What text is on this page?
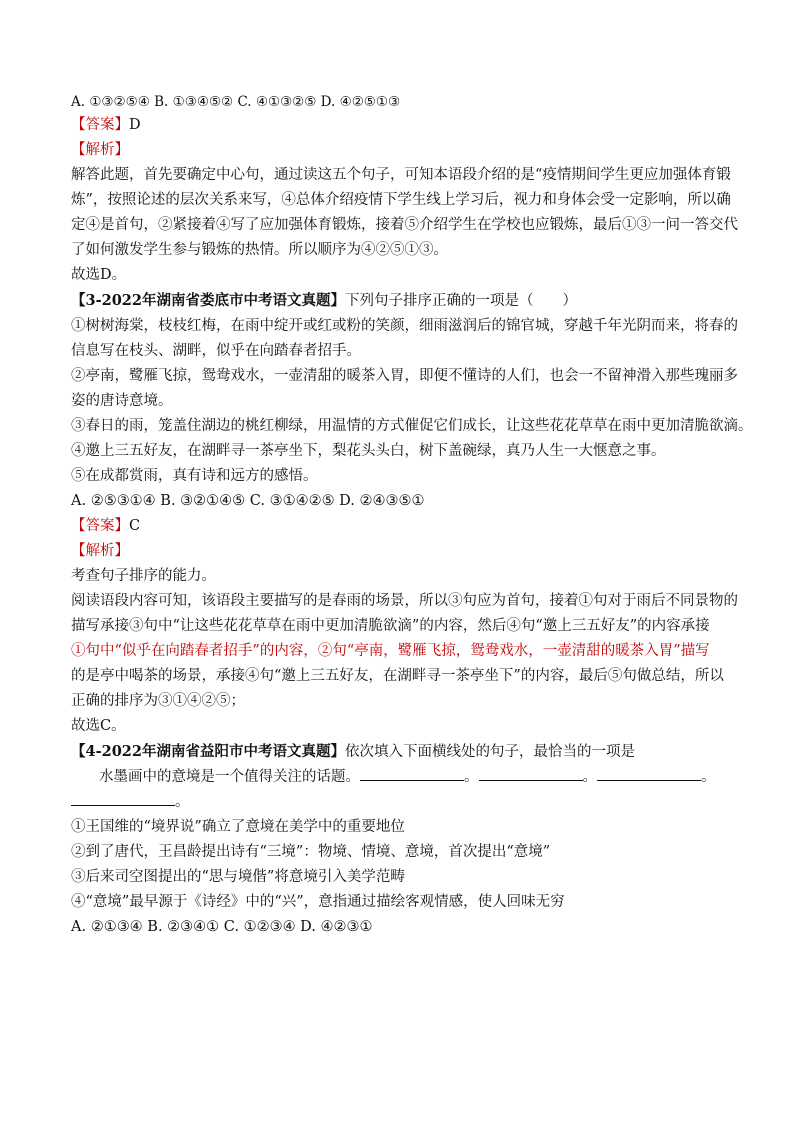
A. ①③②⑤④ B. ①③④⑤② C. ④①③②⑤ D. ④②⑤①③
【答案】D
【解析】
解答此题，首先要确定中心句，通过读这五个句子，可知本语段介绍的是“疫情期间学生更应加强体育锻
炼”，按照论述的层次关系来写，④总体介绍疫情下学生线上学习后，视力和身体会受一定影响，所以确
定④是首句，②紧接着④写了应加强体育锻炼，接着⑤介绍学生在学校也应锻炼，最后①③一问一答交代
了如何激发学生参与锻炼的热情。所以顺序为④②⑤①③。
故选D。
【3-2022年湖南省娄底市中考语文真题】下列句子排序正确的一项是（　　）
①树树海棠，枝枝红梅，在雨中绽开或红或粉的笑颜，细雨滋润后的锦官城，穿越千年光阴而来，将春的
信息写在枝头、湖畔，似乎在向踏春者招手。
②亭南，鹭雁飞掠，鸳鸯戏水，一壶清甜的暖茶入胃，即便不懂诗的人们，也会一不留神滑入那些瑰丽多
姿的唐诗意境。
③春日的雨，笼盖住湖边的桃红柳绿，用温情的方式催促它们成长，让这些花花草草在雨中更加清脆欲滴。
④邀上三五好友，在湖畔寻一茶亭坐下，梨花头头白，树下盖碗绿，真乃人生一大惬意之事。
⑤在成都赏雨，真有诗和远方的感悟。
A. ②⑤③①④ B. ③②①④⑤ C. ③①④②⑤ D. ②④③⑤①
【答案】C
【解析】
考查句子排序的能力。
阅读语段内容可知，该语段主要描写的是春雨的场景，所以③句应为首句，接着①句对于雨后不同景物的
描写承接③句中“让这些花花草草在雨中更加清脆欲滴”的内容，然后④句“邀上三五好友”的内容承接
①句中“似乎在向踏春者招手”的内容，②句“亭南，鹭雁飞掠，鸳鸯戏水，一壶清甜的暖茶入胃”描写
的是亭中喝茶的场景，承接④句“邀上三五好友，在湖畔寻一茶亭坐下”的内容，最后⑤句做总结，所以
正确的排序为③①④②⑤；
故选C。
【4-2022年湖南省益阳市中考语文真题】依次填入下面横线处的句子，最恰当的一项是
水墨画中的意境是一个值得关注的话题。	。	。	。
。
①王国维的“境界说”确立了意境在美学中的重要地位
②到了唐代，王昌龄提出诗有“三境”：物境、情境、意境，首次提出“意境”
③后来司空图提出的“思与境偕”将意境引入美学范畴
④“意境”最早源于《诗经》中的“兴”，意指通过描绘客观情感，使人回味无穷
A. ②①③④ B. ②③④① C. ①②③④ D. ④②③①
